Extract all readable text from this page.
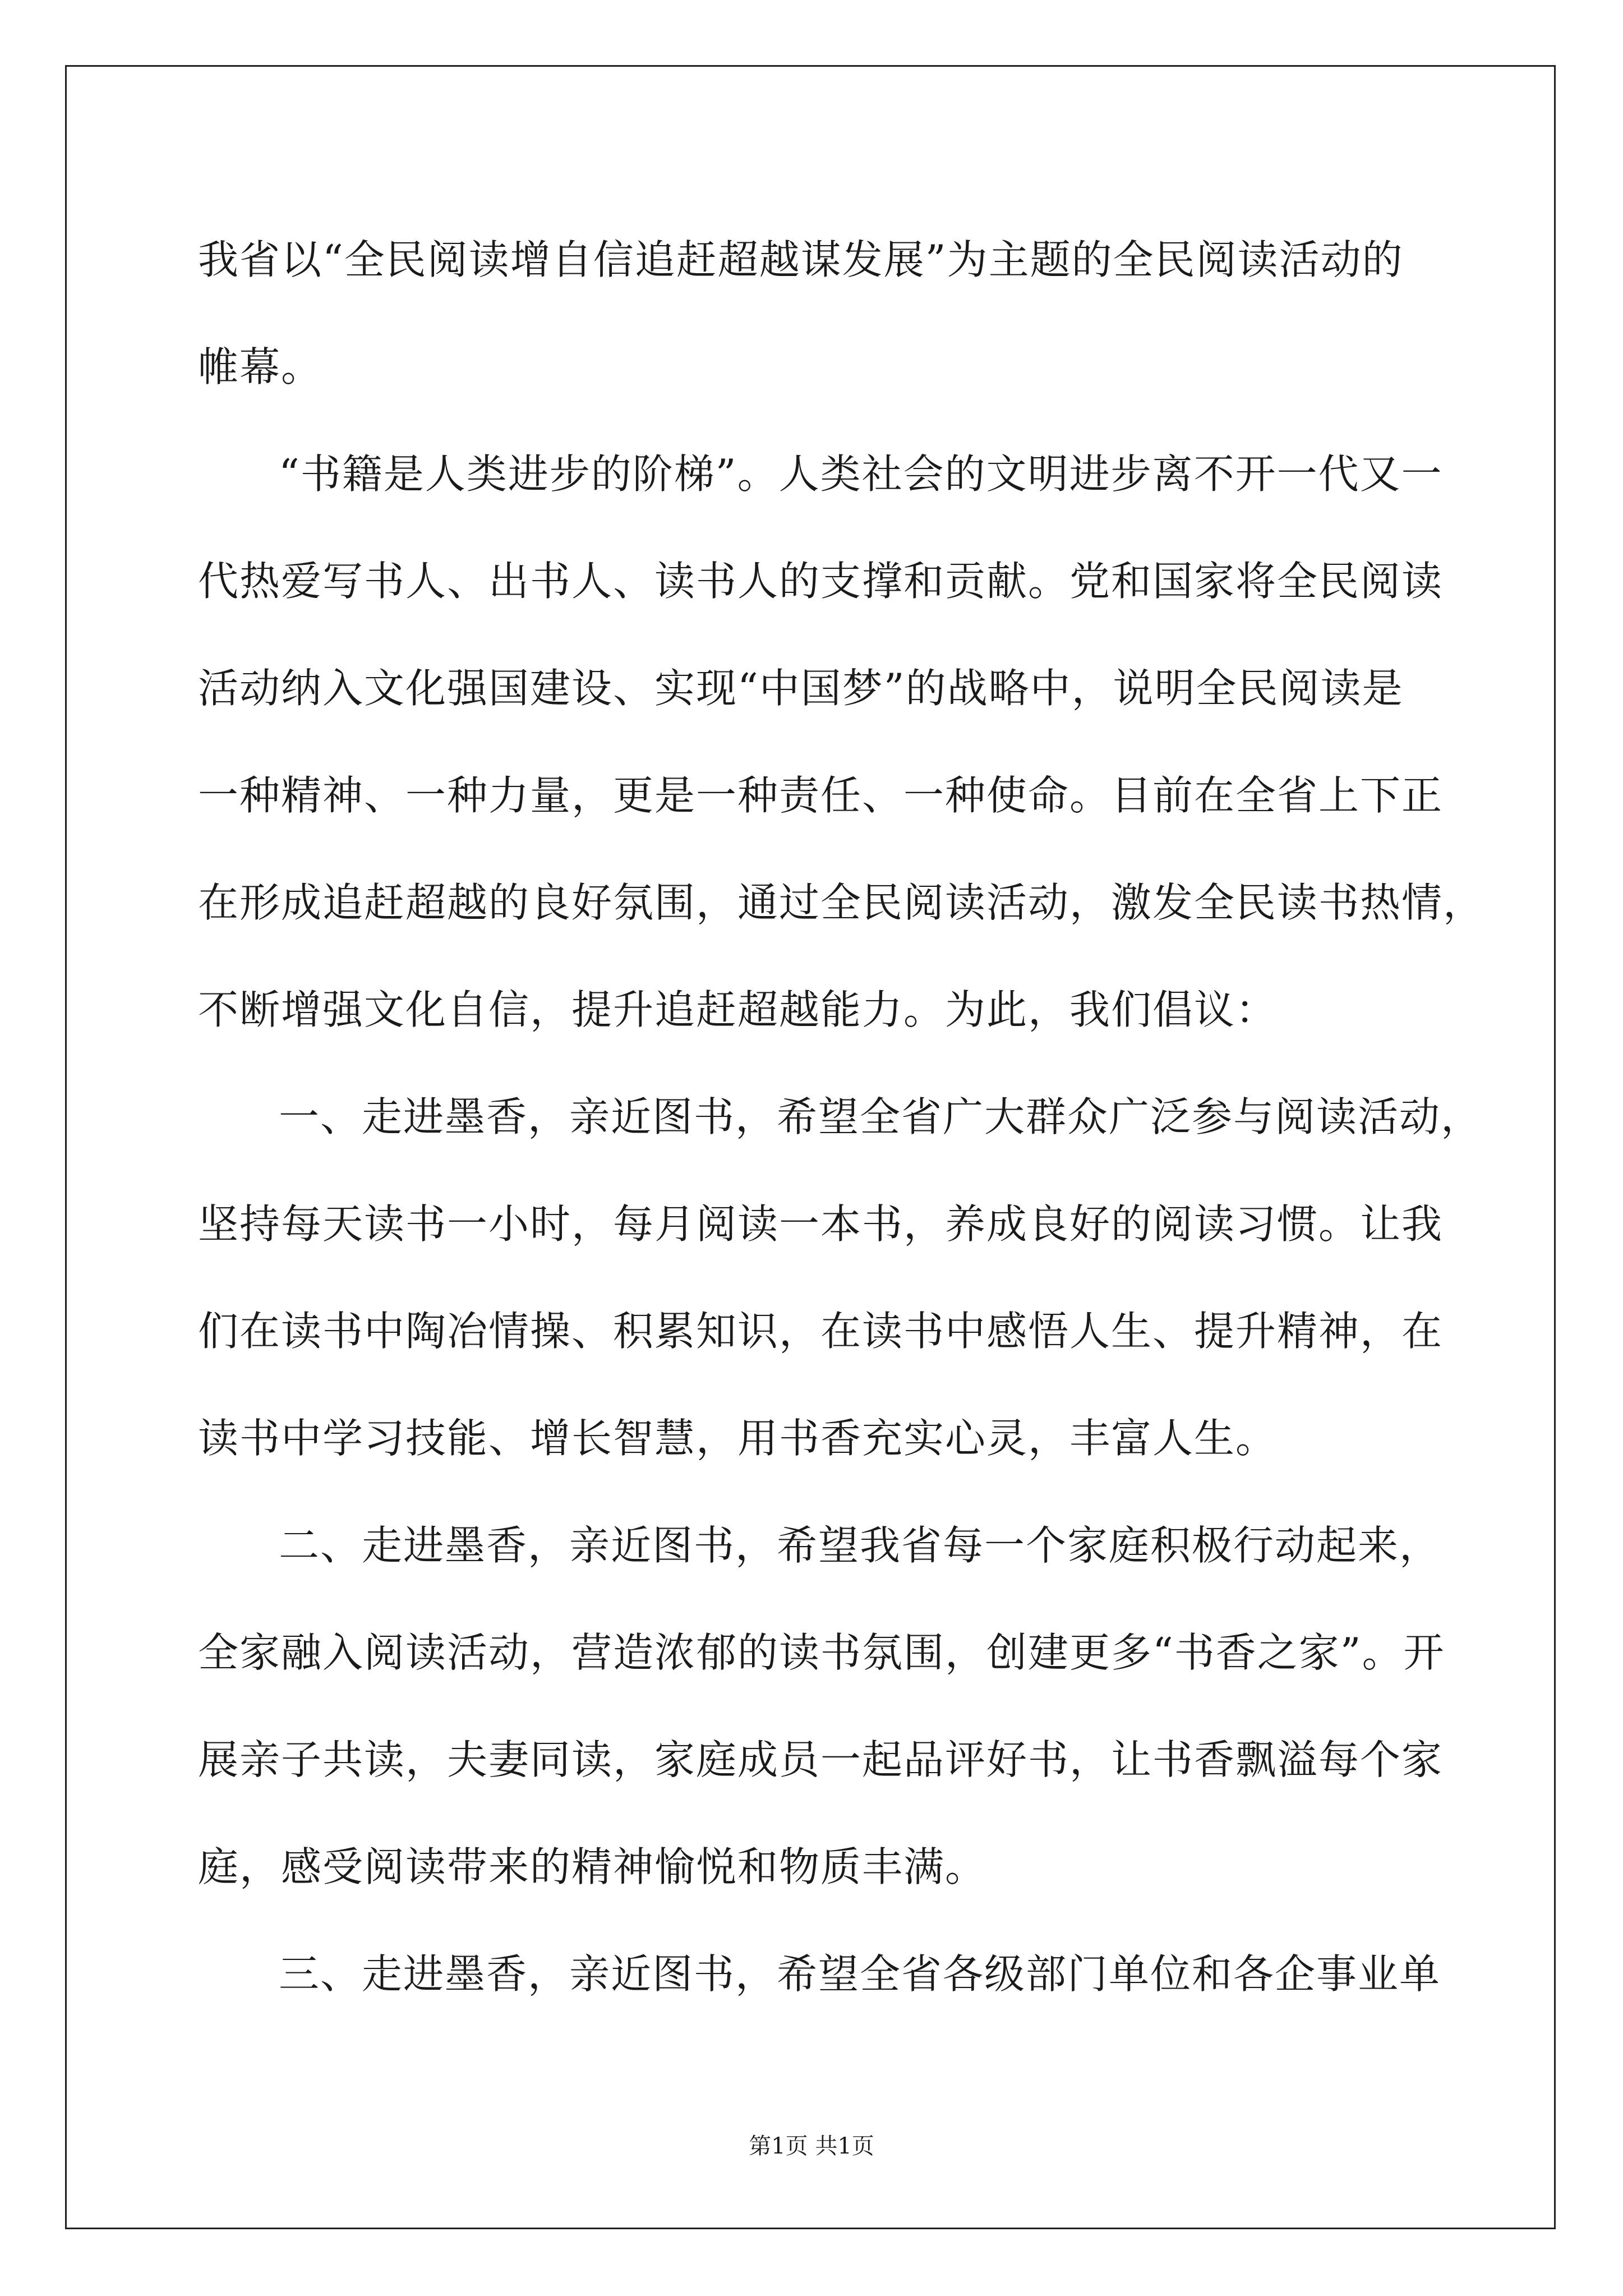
我省以“全民阅读增自信追赶超越谋发展”为主题的全民阅读活动的
帷幕。
“书籍是人类进步的阶梯”。人类社会的文明进步离不开一代又一
代热爱写书人、出书人、读书人的支撑和贡献。党和国家将全民阅读
活动纳入文化强国建设、实现“中国梦”的战略中，说明全民阅读是
一种精神、一种力量，更是一种责任、一种使命。目前在全省上下正
在形成追赶超越的良好氛围，通过全民阅读活动，激发全民读书热情，
不断增强文化自信，提升追赶超越能力。为此，我们倡议：
一、走进墨香，亲近图书，希望全省广大群众广泛参与阅读活动，
坚持每天读书一小时，每月阅读一本书，养成良好的阅读习惯。让我
们在读书中陶冶情操、积累知识，在读书中感悟人生、提升精神，在
读书中学习技能、增长智慧，用书香充实心灵，丰富人生。
二、走进墨香，亲近图书，希望我省每一个家庭积极行动起来，
全家融入阅读活动，营造浓郁的读书氛围，创建更多“书香之家”。开
展亲子共读，夫妻同读，家庭成员一起品评好书，让书香飘溢每个家
庭，感受阅读带来的精神愉悦和物质丰满。
三、走进墨香，亲近图书，希望全省各级部门单位和各企事业单
第1页 共1页
